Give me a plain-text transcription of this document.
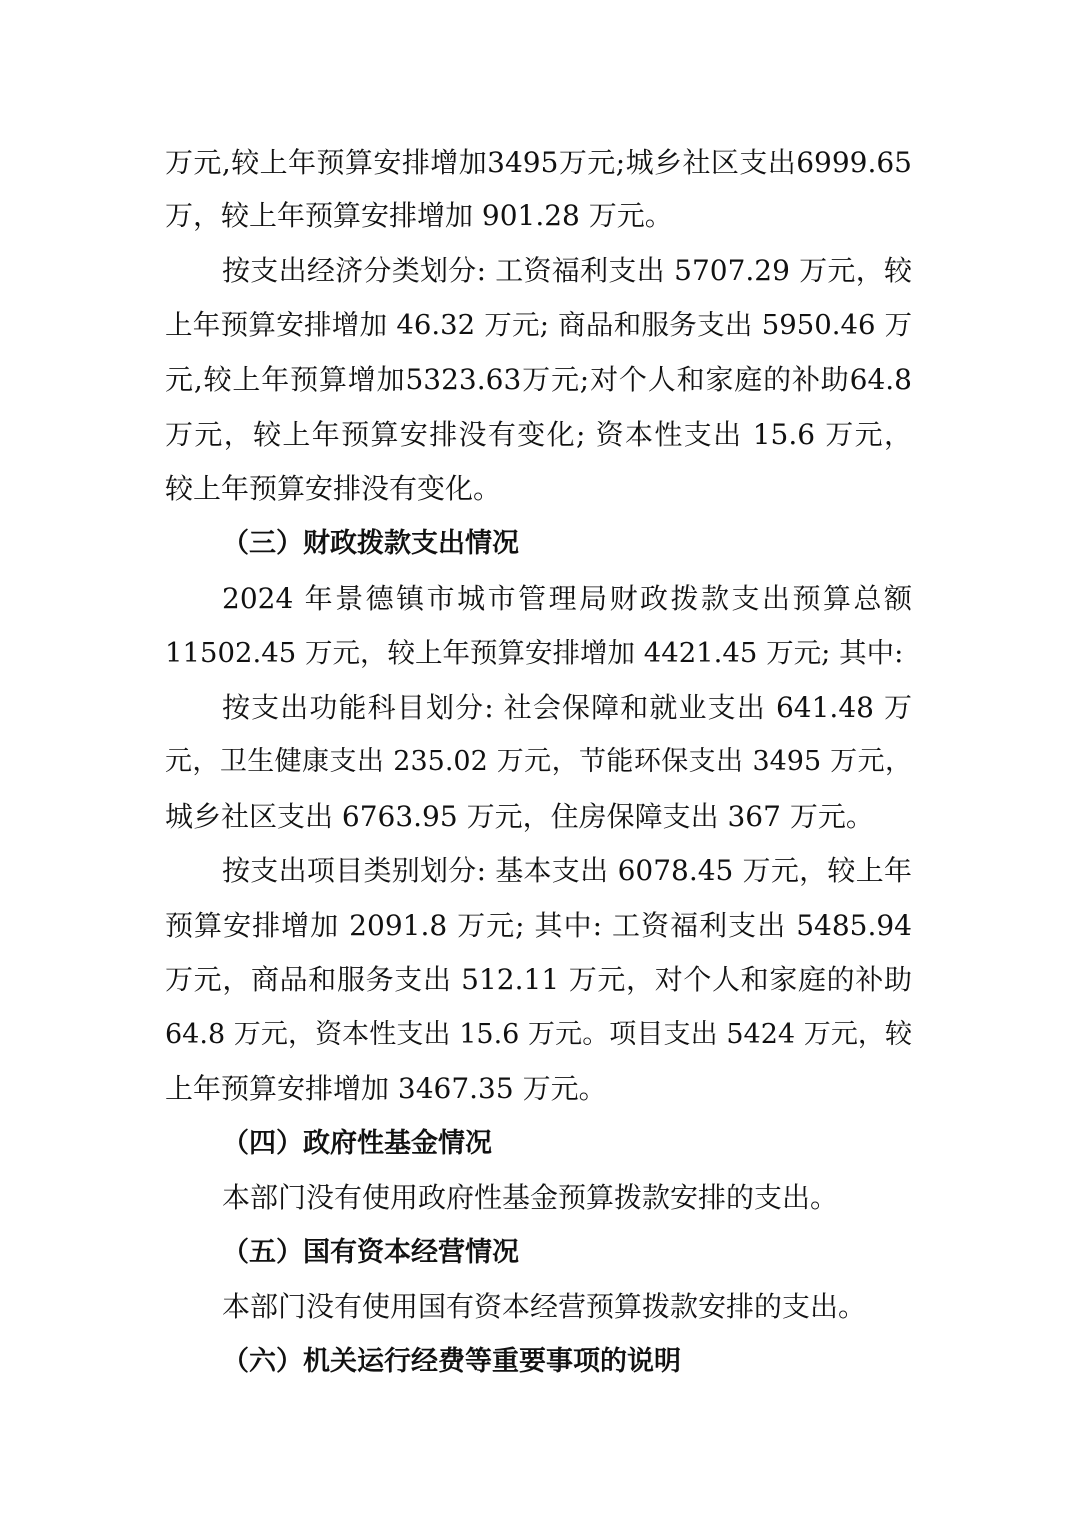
万元,较上年预算安排增加3495万元;城乡社区支出6999.65

万，较上年预算安排增加 901.28 万元。

按支出经济分类划分: 工资福利支出 5707.29 万元，较

上年预算安排增加 46.32 万元; 商品和服务支出 5950.46 万

元,较上年预算增加5323.63万元;对个人和家庭的补助64.8

万元，较上年预算安排没有变化; 资本性支出 15.6 万元，

较上年预算安排没有变化。

（三）财政拨款支出情况

2024 年景德镇市城市管理局财政拨款支出预算总额

11502.45 万元，较上年预算安排增加 4421.45 万元; 其中:

按支出功能科目划分: 社会保障和就业支出 641.48 万

元，卫生健康支出 235.02 万元，节能环保支出 3495 万元，

城乡社区支出 6763.95 万元，住房保障支出 367 万元。

按支出项目类别划分: 基本支出 6078.45 万元，较上年

预算安排增加 2091.8 万元; 其中: 工资福利支出 5485.94

万元，商品和服务支出 512.11 万元，对个人和家庭的补助

64.8 万元，资本性支出 15.6 万元。项目支出 5424 万元，较

上年预算安排增加 3467.35 万元。

（四）政府性基金情况

本部门没有使用政府性基金预算拨款安排的支出。

（五）国有资本经营情况

本部门没有使用国有资本经营预算拨款安排的支出。

（六）机关运行经费等重要事项的说明
